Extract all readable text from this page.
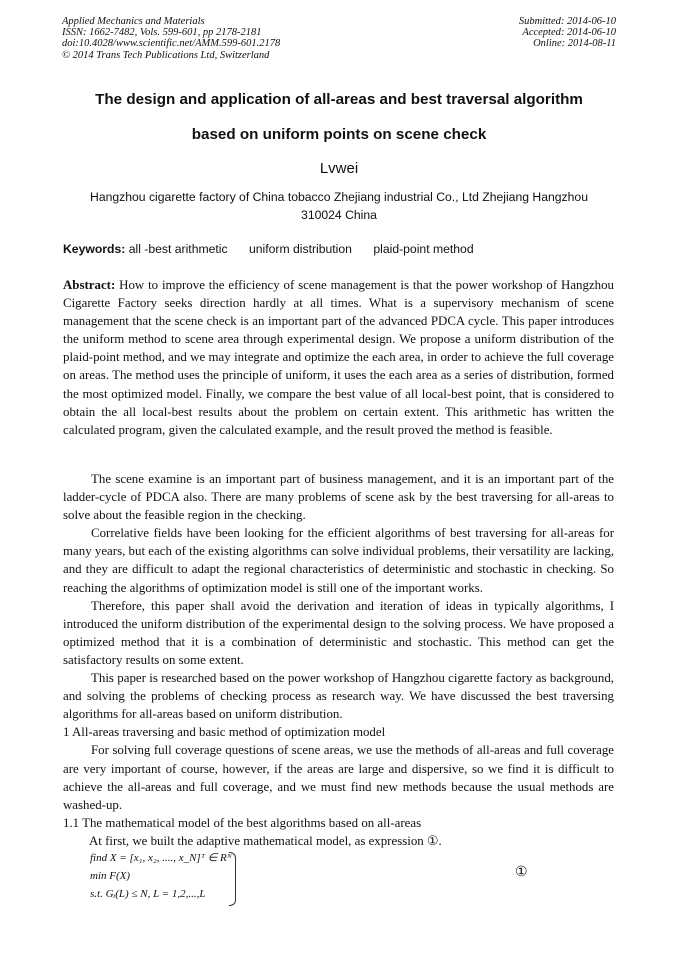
Applied Mechanics and Materials
ISSN: 1662-7482, Vols. 599-601, pp 2178-2181
doi:10.4028/www.scientific.net/AMM.599-601.2178
© 2014 Trans Tech Publications Ltd, Switzerland
Submitted: 2014-06-10
Accepted: 2014-06-10
Online: 2014-08-11
The design and application of all-areas and best traversal algorithm
based on uniform points on scene check
Lvwei
Hangzhou cigarette factory of China tobacco Zhejiang industrial Co., Ltd Zhejiang Hangzhou
310024 China
Keywords: all -best arithmetic uniform distribution plaid-point method

Abstract: How to improve the efficiency of scene management is that the power workshop of Hangzhou Cigarette Factory seeks direction hardly at all times. What is a supervisory mechanism of scene management that the scene check is an important part of the advanced PDCA cycle. This paper introduces the uniform method to scene area through experimental design. We propose a uniform distribution of the plaid-point method, and we may integrate and optimize the each area, in order to achieve the full coverage on areas. The method uses the principle of uniform, it uses the each area as a series of distribution, formed the most optimized model. Finally, we compare the best value of all local-best point, that is considered to obtain the all local-best results about the problem on certain extent. This arithmetic has written the calculated program, given the calculated example, and the result proved the method is feasible.

The scene examine is an important part of business management, and it is an important part of the ladder-cycle of PDCA also. There are many problems of scene ask by the best traversing for all-areas to solve about the feasible region in the checking.

Correlative fields have been looking for the efficient algorithms of best traversing for all-areas for many years, but each of the existing algorithms can solve individual problems, their versatility are lacking, and they are difficult to adapt the regional characteristics of deterministic and stochastic in checking. So reaching the algorithms of optimization model is still one of the important works.

Therefore, this paper shall avoid the derivation and iteration of ideas in typically algorithms, I introduced the uniform distribution of the experimental design to the solving process. We have proposed a optimized method that it is a combination of deterministic and stochastic. This method can get the satisfactory results on some extent.

This paper is researched based on the power workshop of Hangzhou cigarette factory as background, and solving the problems of checking process as research way. We have discussed the best traversing algorithms for all-areas based on uniform distribution.

1 All-areas traversing and basic method of optimization model

For solving full coverage questions of scene areas, we use the methods of all-areas and full coverage are very important of course, however, if the areas are large and dispersive, so we find it is difficult to achieve the all-areas and full coverage, and we must find new methods because the usual methods are washed-up.

1.1 The mathematical model of the best algorithms based on all-areas

At first, we built the adaptive mathematical model, as expression ①.

find X = [x₁, x₂, ...., x_N]ᵀ ∈ Rᴺ
min F(X)
s.t. Gᵢ(L) ≤ N, L = 1,2,...,L
①
